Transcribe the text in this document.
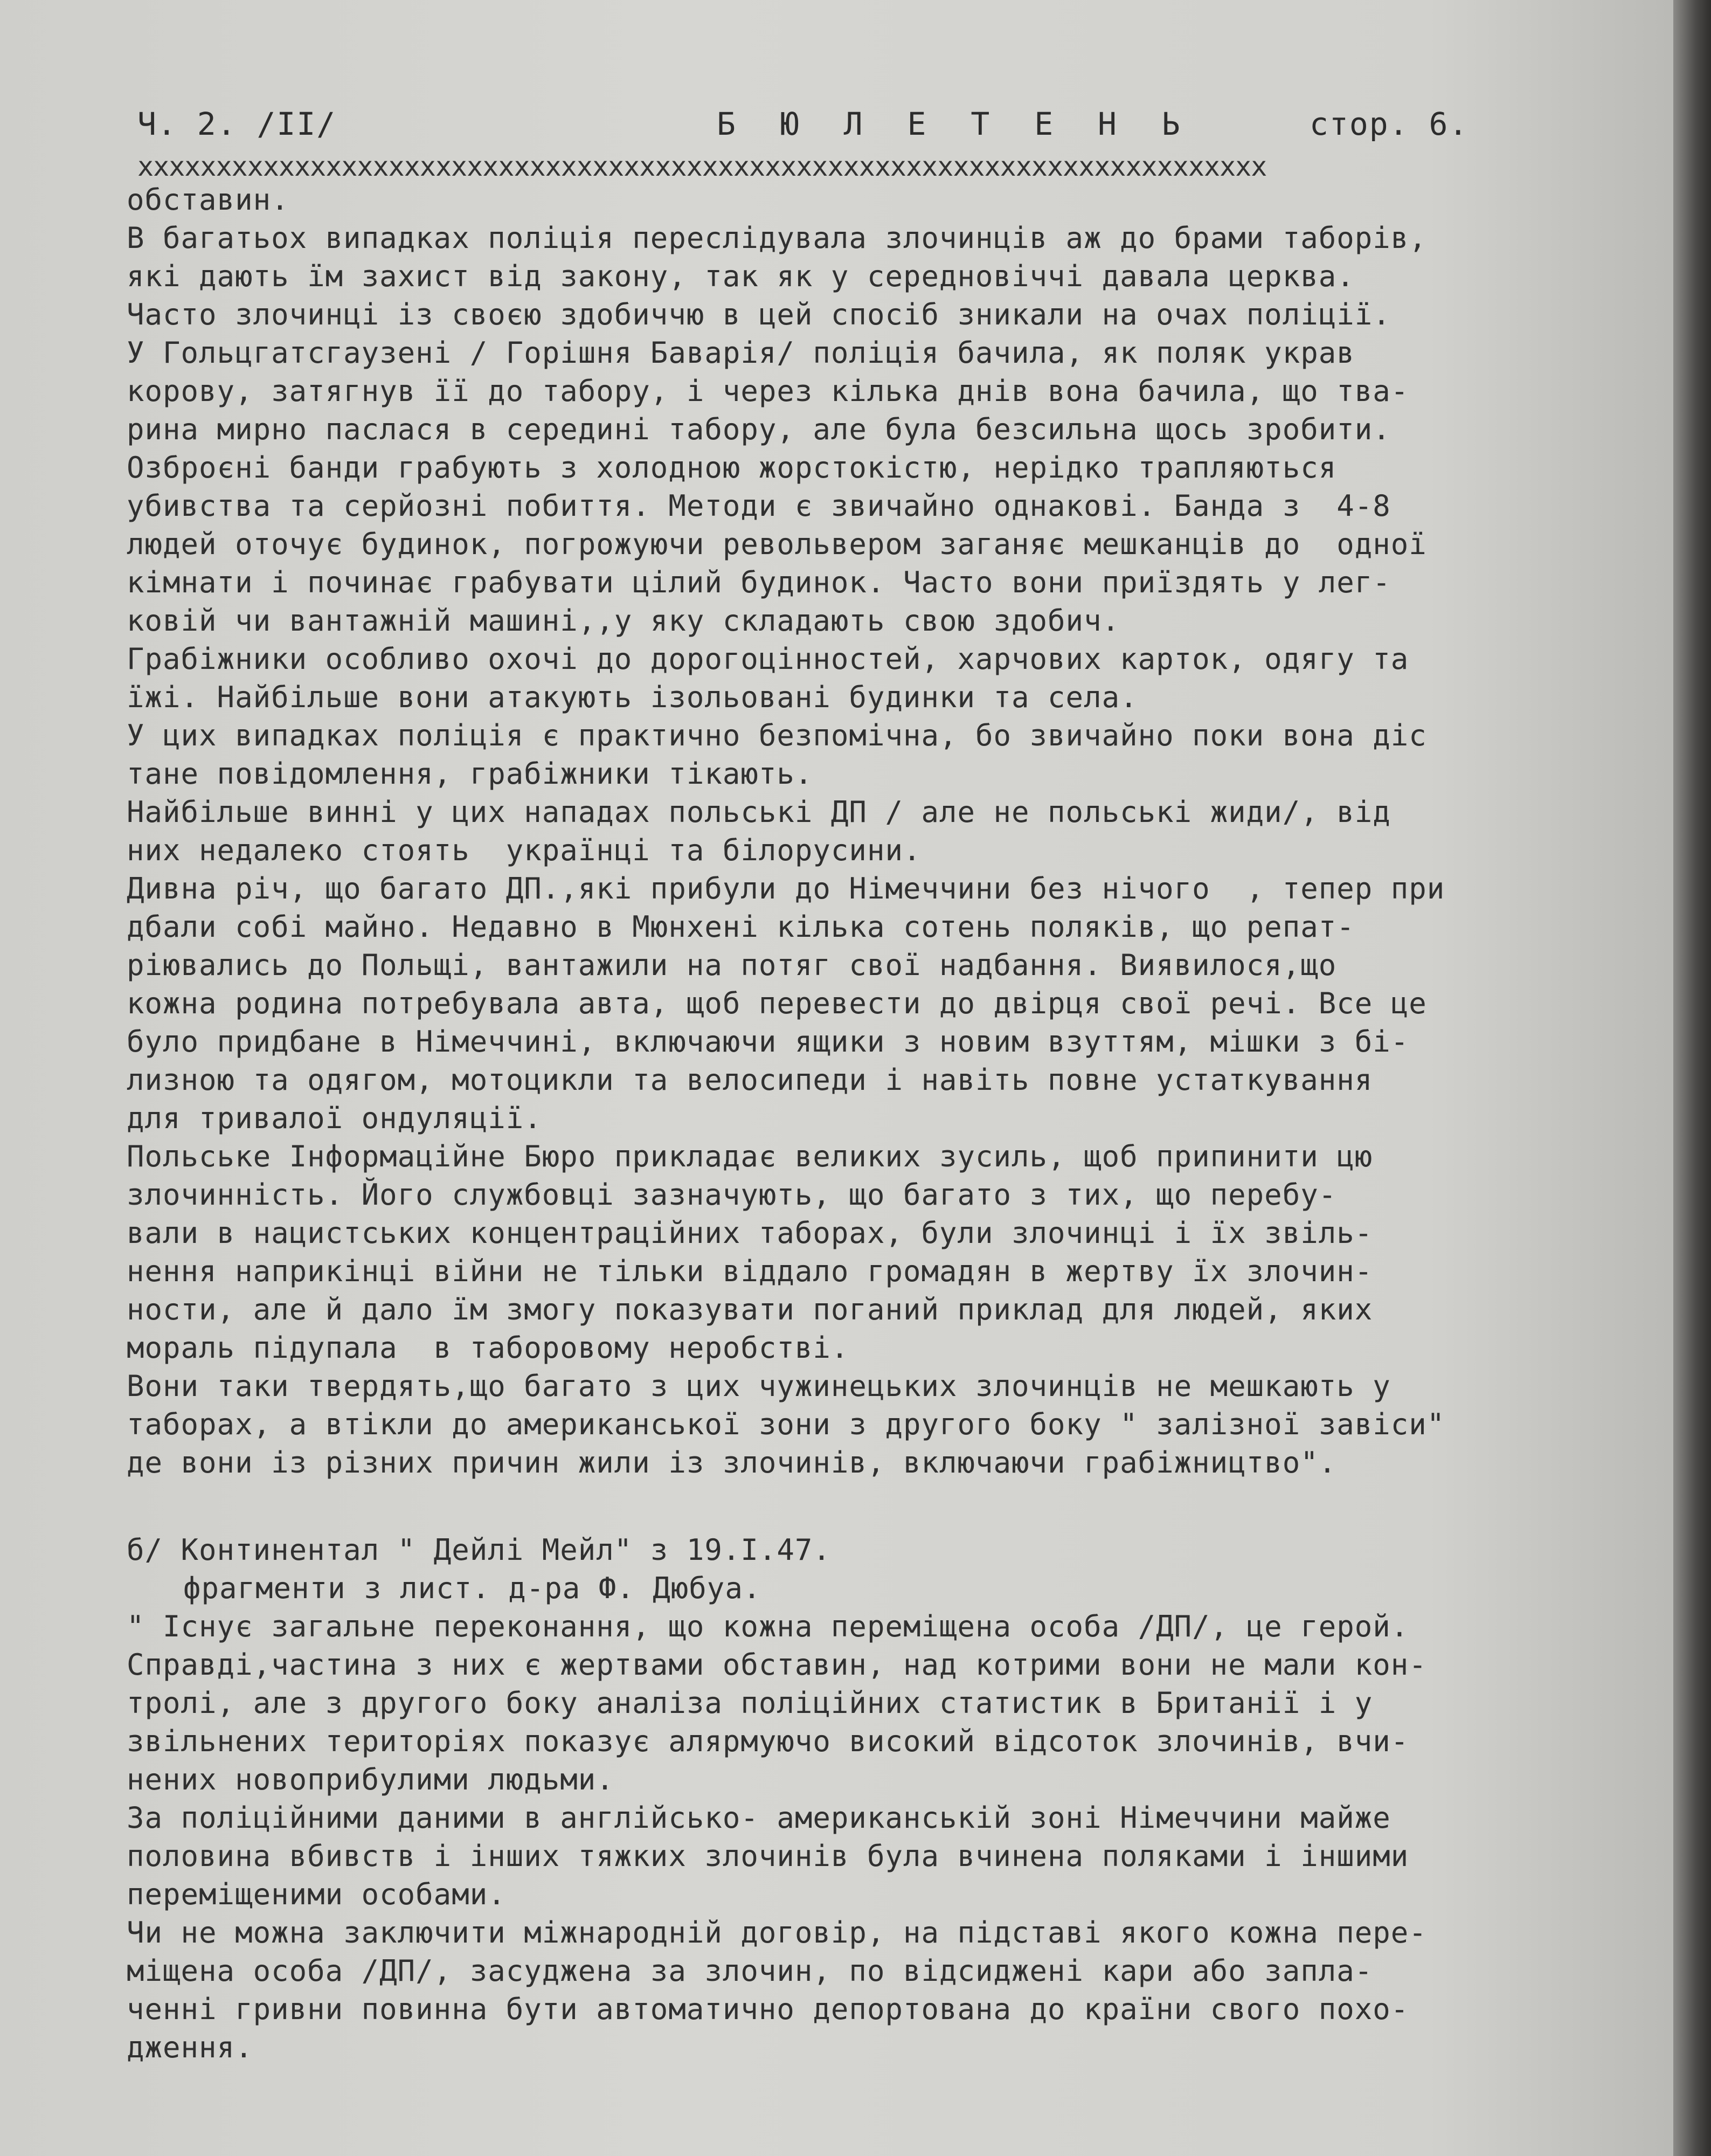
Ч. 2. /II/	Б Ю Л Е Т Е Н Ь	стор. 6.
xxxxxxxxxxxxxxxxxxxxxxxxxxxxxxxxxxxxxxxxxxxxxxxxxxxxxxxxxxxxxxxxxxxxxxxx
обставин.
В багатьох випадках поліція переслідувала злочинців аж до брами таборів,
які дають їм захист від закону, так як у середновіччі давала церква.
Часто злочинці із своєю здобиччю в цей спосіб зникали на очах поліції.
У Гольцгатсгаузені / Горішня Баварія/ поліція бачила, як поляк украв
корову, затягнув її до табору, і через кілька днів вона бачила, що тва-
рина мирно паслася в середині табору, але була безсильна щось зробити.
Озброєні банди грабують з холодною жорстокістю, нерідко трапляються
убивства та серйозні побиття. Методи є звичайно однакові. Банда з  4-8
людей оточує будинок, погрожуючи револьвером заганяє мешканців до  одної
кімнати і починає грабувати цілий будинок. Часто вони приїздять у лег-
ковій чи вантажній машині,,у яку складають свою здобич.
Грабіжники особливо охочі до дорогоцінностей, харчових карток, одягу та
їжі. Найбільше вони атакують ізольовані будинки та села.
У цих випадках поліція є практично безпомічна, бо звичайно поки вона діс
тане повідомлення, грабіжники тікають.
Найбільше винні у цих нападах польські ДП / але не польські жиди/, від
них недалеко стоять  українці та білорусини.
Дивна річ, що багато ДП.,які прибули до Німеччини без нічого  , тепер при
дбали собі майно. Недавно в Мюнхені кілька сотень поляків, що репат-
ріювались до Польщі, вантажили на потяг свої надбання. Виявилося,що
кожна родина потребувала авта, щоб перевести до двірця свої речі. Все це
було придбане в Німеччині, включаючи ящики з новим взуттям, мішки з бі-
лизною та одягом, мотоцикли та велосипеди і навіть повне устаткування
для тривалої ондуляції.
Польське Інформаційне Бюро прикладає великих зусиль, щоб припинити цю
злочинність. Його службовці зазначують, що багато з тих, що перебу-
вали в нацистських концентраційних таборах, були злочинці і їх звіль-
нення наприкінці війни не тільки віддало громадян в жертву їх злочин-
ности, але й дало їм змогу показувати поганий приклад для людей, яких
мораль підупала  в таборовому неробстві.
Вони таки твердять,що багато з цих чужинецьких злочинців не мешкають у
таборах, а втікли до американської зони з другого боку " залізної завіси"
де вони із різних причин жили із злочинів, включаючи грабіжництво".
б/ Континентал " Дейлі Мейл" з 19.I.47.
фрагменти з лист. д-ра Ф. Дюбуа.
" Існує загальне переконання, що кожна переміщена особа /ДП/, це герой.
Справді,частина з них є жертвами обставин, над котрими вони не мали кон-
тролі, але з другого боку аналіза поліційних статистик в Британії і у
звільнених територіях показує алярмуючо високий відсоток злочинів, вчи-
нених новоприбулими людьми.
За поліційними даними в англійсько- американській зоні Німеччини майже
половина вбивств і інших тяжких злочинів була вчинена поляками і іншими
переміщеними особами.
Чи не можна заключити міжнародній договір, на підставі якого кожна пере-
міщена особа /ДП/, засуджена за злочин, по відсиджені кари або запла-
ченні гривни повинна бути автоматично депортована до країни свого похо-
дження.
